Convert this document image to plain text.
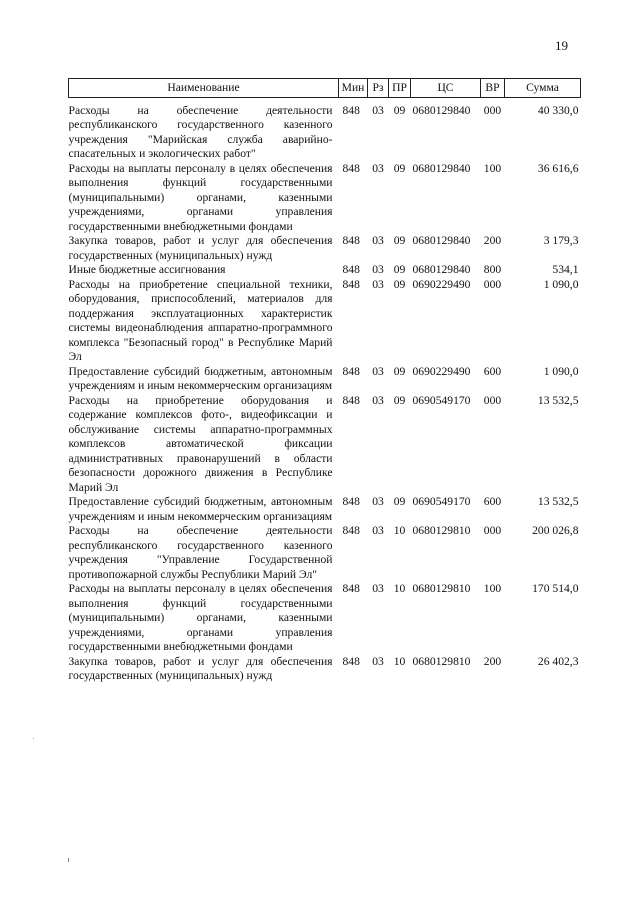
19
Наименование	Мин	Рз	ПР	ЦС	ВР	Сумма
Расходы на обеспечение деятельности республиканского государственного казенного учреждения "Марийская служба аварийно-спасательных и экологических работ"	848	03	09	0680129840	000	40 330,0
Расходы на выплаты персоналу в целях обеспечения выполнения функций государственными (муниципальными) органами, казенными учреждениями, органами управления государственными внебюджетными фондами	848	03	09	0680129840	100	36 616,6
Закупка товаров, работ и услуг для обеспечения государственных (муниципальных) нужд	848	03	09	0680129840	200	3 179,3
Иные бюджетные ассигнования	848	03	09	0680129840	800	534,1
Расходы на приобретение специальной техники, оборудования, приспособлений, материалов для поддержания эксплуатационных характеристик системы видеонаблюдения аппаратно-программного комплекса "Безопасный город" в Республике Марий Эл	848	03	09	0690229490	000	1 090,0
Предоставление субсидий бюджетным, автономным учреждениям и иным некоммерческим организациям	848	03	09	0690229490	600	1 090,0
Расходы на приобретение оборудования и содержание комплексов фото-, видеофиксации и обслуживание системы аппаратно-программных комплексов автоматической фиксации административных правонарушений в области безопасности дорожного движения в Республике Марий Эл	848	03	09	0690549170	000	13 532,5
Предоставление субсидий бюджетным, автономным учреждениям и иным некоммерческим организациям	848	03	09	0690549170	600	13 532,5
Расходы на обеспечение деятельности республиканского государственного казенного учреждения "Управление Государственной противопожарной службы Республики Марий Эл"	848	03	10	0680129810	000	200 026,8
Расходы на выплаты персоналу в целях обеспечения выполнения функций государственными (муниципальными) органами, казенными учреждениями, органами управления государственными внебюджетными фондами	848	03	10	0680129810	100	170 514,0
Закупка товаров, работ и услуг для обеспечения государственных (муниципальных) нужд	848	03	10	0680129810	200	26 402,3
